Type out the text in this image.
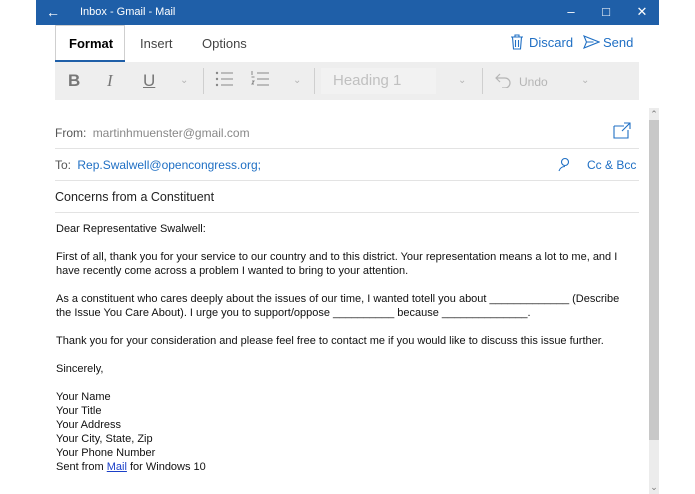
← Inbox - Gmail - Mail	–	□	✕
Format Insert Options	Discard Send
B I U ⌄	⌄	Heading 1	⌄	Undo	⌄
From: martinhmuenster@gmail.com
To: Rep.Swalwell@opencongress.org;	Cc & Bcc
Concerns from a Constituent

Dear Representative Swalwell:

First of all, thank you for your service to our country and to this district. Your representation means a lot to me, and I have recently come across a problem I wanted to bring to your attention.

As a constituent who cares deeply about the issues of our time, I wanted totell you about _____________ (Describe the Issue You Care About). I urge you to support/oppose __________ because ______________.

Thank you for your consideration and please feel free to contact me if you would like to discuss this issue further.

Sincerely,

Your Name
Your Title
Your Address
Your City, State, Zip
Your Phone Number
Sent from Mail for Windows 10
⌃
⌄
